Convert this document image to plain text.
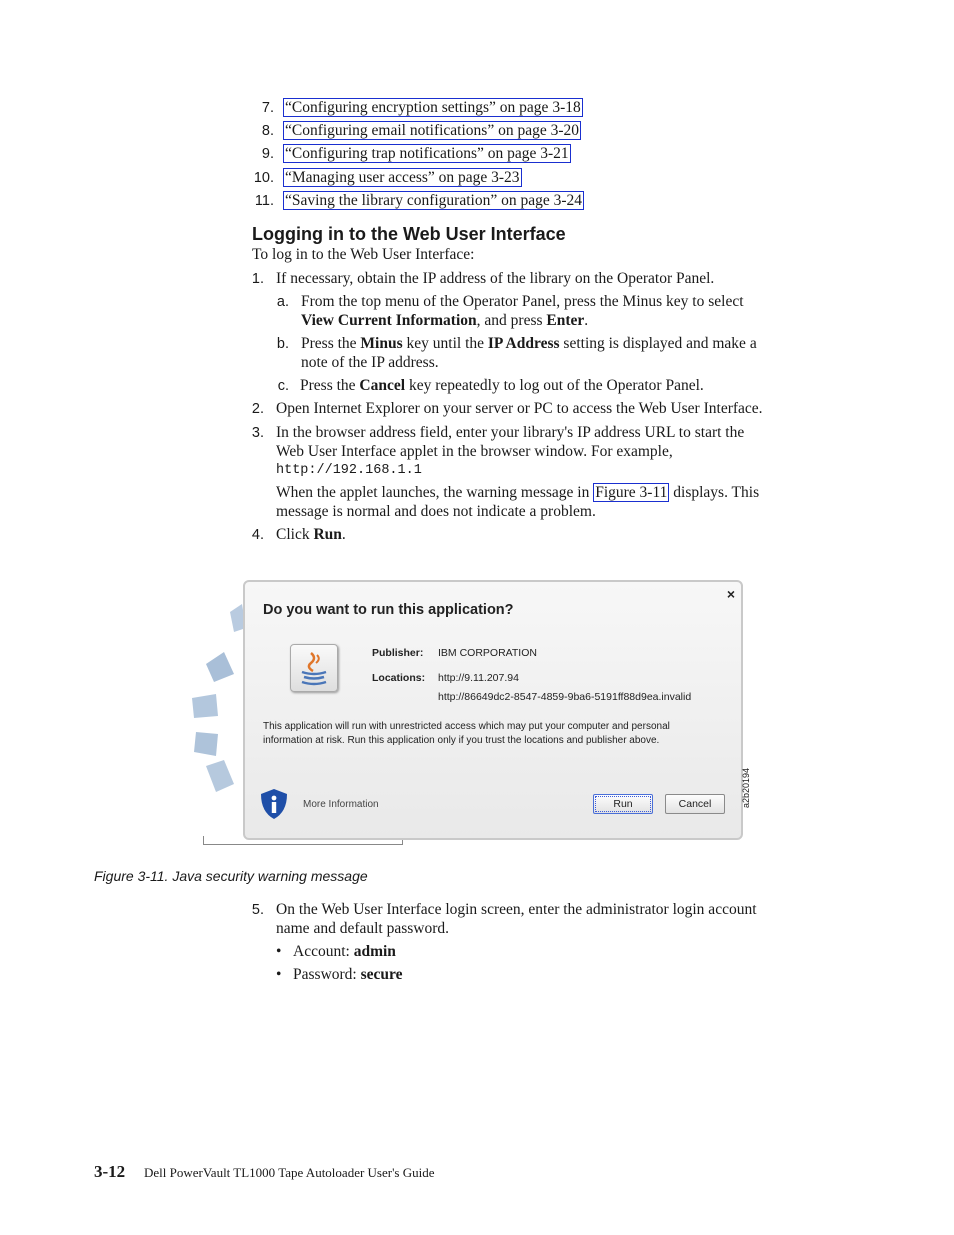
7. “Configuring encryption settings” on page 3-18
8. “Configuring email notifications” on page 3-20
9. “Configuring trap notifications” on page 3-21
10. “Managing user access” on page 3-23
11. “Saving the library configuration” on page 3-24
Logging in to the Web User Interface
To log in to the Web User Interface:
1. If necessary, obtain the IP address of the library on the Operator Panel.
a. From the top menu of the Operator Panel, press the Minus key to select
View Current Information, and press Enter.
b. Press the Minus key until the IP Address setting is displayed and make a
note of the IP address.
c. Press the Cancel key repeatedly to log out of the Operator Panel.
2. Open Internet Explorer on your server or PC to access the Web User Interface.
3. In the browser address field, enter your library's IP address URL to start the
Web User Interface applet in the browser window. For example,
http://192.168.1.1
When the applet launches, the warning message in Figure 3-11 displays. This
message is normal and does not indicate a problem.
4. Click Run.
Do you want to run this application?
×
Publisher: IBM CORPORATION
Locations: http://9.11.207.94
http://86649dc2-8547-4859-9ba6-5191ff88d9ea.invalid
This application will run with unrestricted access which may put your computer and personal
information at risk. Run this application only if you trust the locations and publisher above.
More Information	Run	Cancel	a2b20194
Figure 3-11. Java security warning message
5. On the Web User Interface login screen, enter the administrator login account
name and default password.
• Account: admin
• Password: secure
3-12 Dell PowerVault TL1000 Tape Autoloader User's Guide
